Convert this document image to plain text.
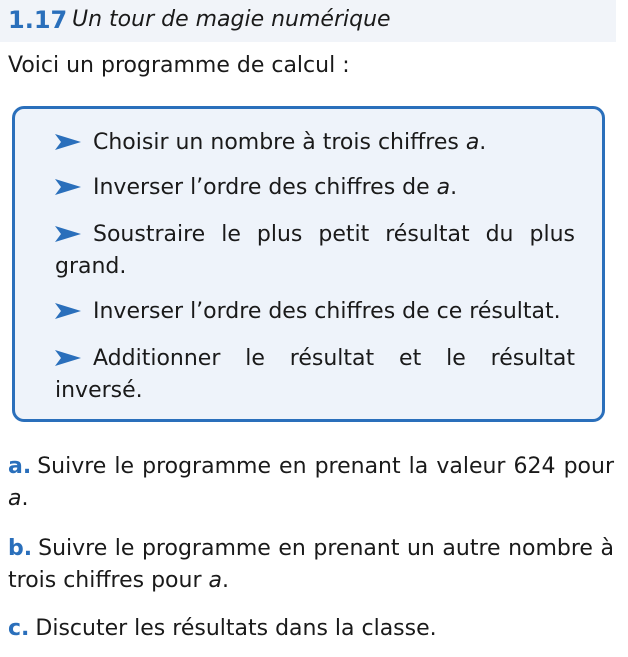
1.17 Un tour de magie numérique
Voici un programme de calcul :
Choisir un nombre à trois chiffres a.
Inverser l’ordre des chiffres de a.
Soustraire le plus petit résultat du plus grand.
Inverser l’ordre des chiffres de ce résultat.
Additionner le résultat et le résultat inversé.
a. Suivre le programme en prenant la valeur 624 pour a.
b. Suivre le programme en prenant un autre nombre à trois chiffres pour a.
c. Discuter les résultats dans la classe.
